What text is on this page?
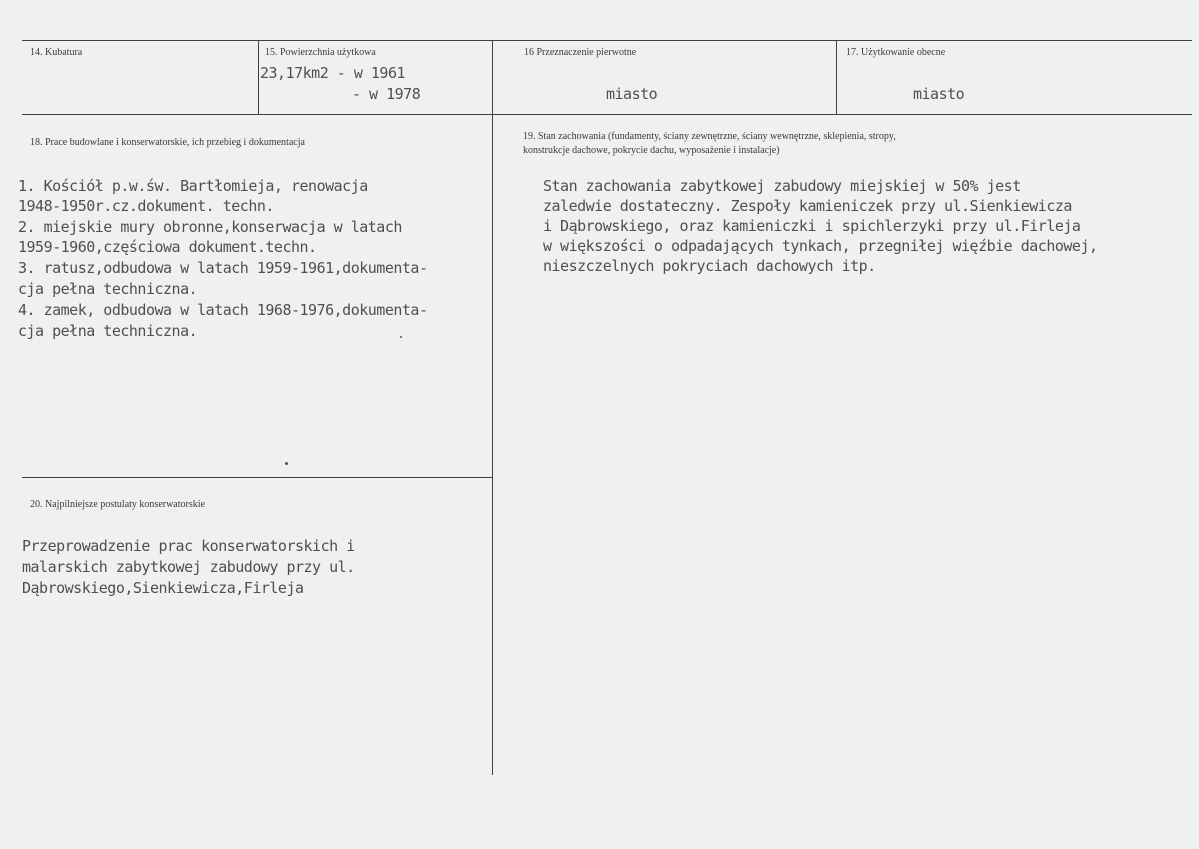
14. Kubatura	15. Powierzchnia użytkowa
23,17km2 - w 1961
- w 1978
16 Przeznaczenie pierwotne
miasto
17. Użytkowanie obecne
miasto
18. Prace budowlane i konserwatorskie, ich przebieg i dokumentacja
1. Kościół p.w.św. Bartłomieja, renowacja
1948-1950r.cz.dokument. techn.
2. miejskie mury obronne,konserwacja w latach
1959-1960,częściowa dokument.techn.
3. ratusz,odbudowa w latach 1959-1961,dokumenta-
cja pełna techniczna.
4. zamek, odbudowa w latach 1968-1976,dokumenta-
cja pełna techniczna.
19. Stan zachowania (fundamenty, ściany zewnętrzne, ściany wewnętrzne, sklepienia, stropy,
konstrukcje dachowe, pokrycie dachu, wyposażenie i instalacje)
Stan zachowania zabytkowej zabudowy miejskiej w 50% jest
zaledwie dostateczny. Zespoły kamieniczek przy ul.Sienkiewicza
i Dąbrowskiego, oraz kamieniczki i spichlerzyki przy ul.Firleja
w większości o odpadających tynkach, przegniłej więźbie dachowej,
nieszczelnych pokryciach dachowych itp.
20. Najpilniejsze postulaty konserwatorskie
Przeprowadzenie prac konserwatorskich i
malarskich zabytkowej zabudowy przy ul.
Dąbrowskiego,Sienkiewicza,Firleja
